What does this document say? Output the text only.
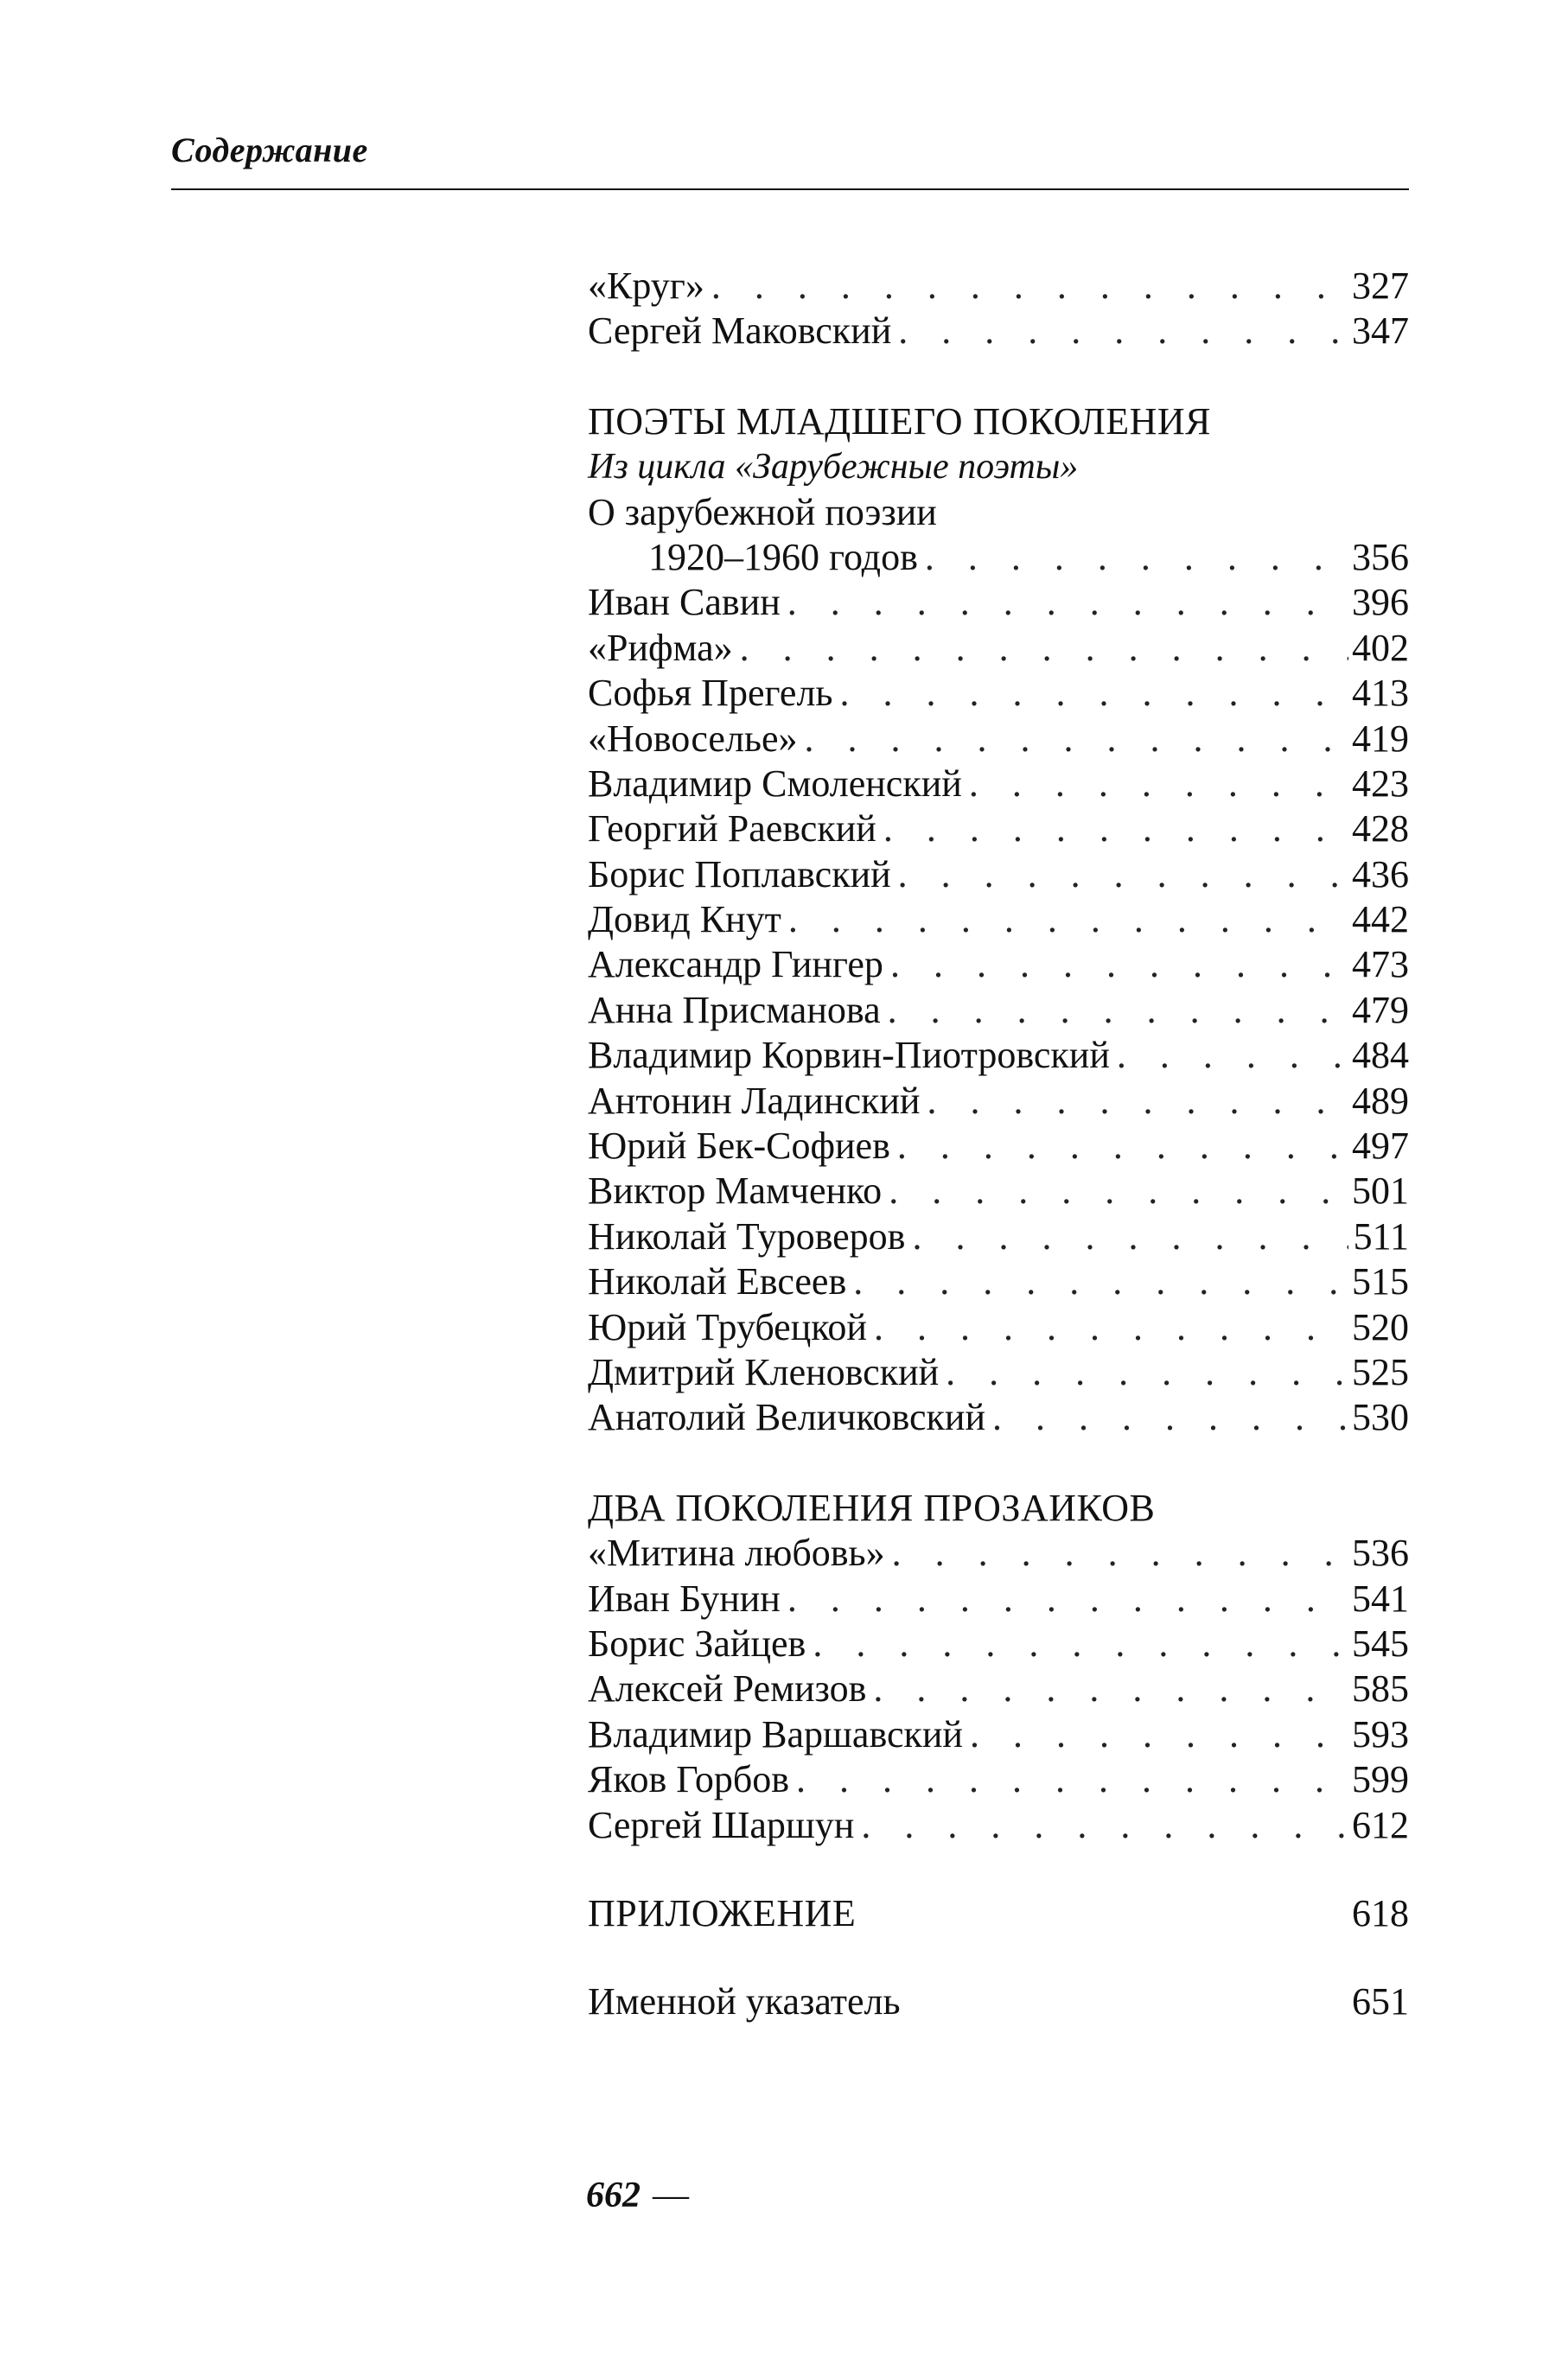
Содержание
«Круг» . . .	327
Сергей Маковский . . .	347
ПОЭТЫ МЛАДШЕГО ПОКОЛЕНИЯ
Из цикла «Зарубежные поэты»
О зарубежной поэзии
1920–1960 годов . . .	356
Иван Савин . . .	396
«Рифма» . . .	402
Софья Прегель . . .	413
«Новоселье» . . .	419
Владимир Смоленский . . .	423
Георгий Раевский . . .	428
Борис Поплавский . . .	436
Довид Кнут . . .	442
Александр Гингер . . .	473
Анна Присманова . . .	479
Владимир Корвин-Пиотровский . . .	484
Антонин Ладинский . . .	489
Юрий Бек-Софиев . . .	497
Виктор Мамченко . . .	501
Николай Туроверов . . .	511
Николай Евсеев . . .	515
Юрий Трубецкой . . .	520
Дмитрий Кленовский . . .	525
Анатолий Величковский . . .	530
ДВА ПОКОЛЕНИЯ ПРОЗАИКОВ
«Митина любовь» . . .	536
Иван Бунин . . .	541
Борис Зайцев . . .	545
Алексей Ремизов . . .	585
Владимир Варшавский . . .	593
Яков Горбов . . .	599
Сергей Шаршун . . .	612
ПРИЛОЖЕНИЕ	618
Именной указатель	651
662 —
